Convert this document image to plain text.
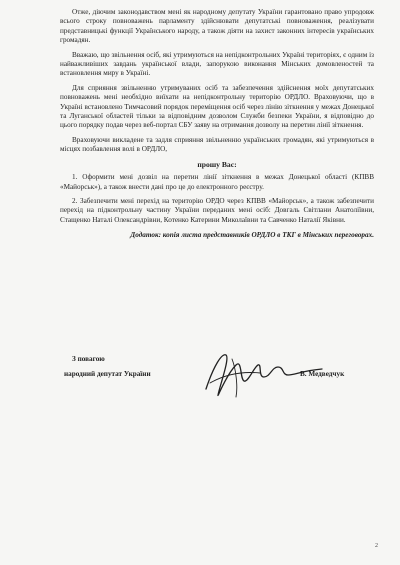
Отже, діючим законодавством мені як народному депутату України гарантовано право упродовж всього строку повноважень парламенту здійснювати депутатські повноваження, реалізувати представницькі функції Українського народу, а також діяти на захист законних інтересів українських громадян.

Вважаю, що звільнення осіб, які утримуються на непідконтрольних Україні територіях, є одним із найважливіших завдань української влади, запорукою виконання Мінських домовленостей та встановлення миру в Україні.

Для сприяння звільненню утримуваних осіб та забезпечення здійснення моїх депутатських повноважень мені необхідно виїхати на непідконтрольну територію ОРДЛО. Враховуючи, що в Україні встановлено Тимчасовий порядок переміщення осіб через лінію зіткнення у межах Донецької та Луганської областей тільки за відповідним дозволом Служби безпеки України, я відповідно до цього порядку подав через веб-портал СБУ заяву на отримання дозволу на перетин лінії зіткнення.

Враховуючи викладене та задля сприяння звільненню українських громадян, які утримуються в місцях позбавлення волі в ОРДЛО,

прошу Вас:

1. Оформити мені дозвіл на перетин лінії зіткнення в межах Донецької області (КПВВ «Майорськ»), а також внести дані про це до електронного реєстру.

2. Забезпечити мені перехід на територію ОРДО через КПВВ «Майорськ», а також забезпечити перехід на підконтрольну частину України переданих мені осіб: Довгаль Світлани Анатоліївни, Стащенко Наталі Олександрівни, Котенко Катерини Миколаївни та Савченко Наталії Яківни.

Додаток: копія листа представників ОРДЛО в ТКГ в Мінських переговорах.

З повагою
народний депутат України	В. Медведчук
2
